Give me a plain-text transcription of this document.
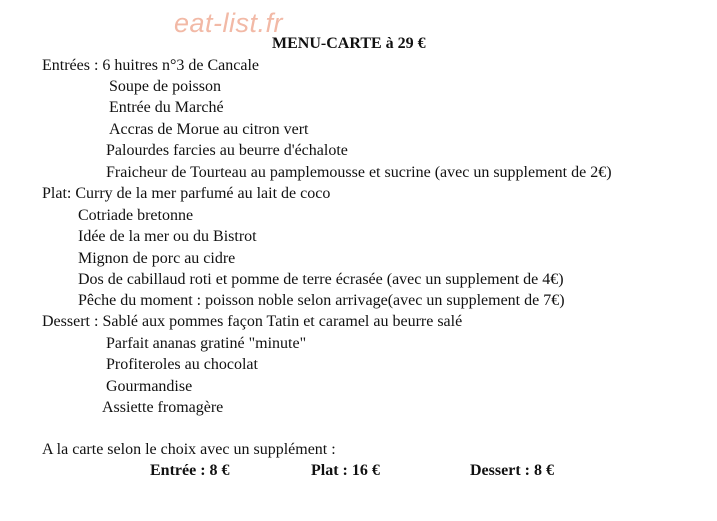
eat-list.fr
MENU-CARTE à 29 €
Entrées : 6 huitres n°3 de Cancale
Soupe de poisson
Entrée du Marché
Accras de Morue au citron vert
Palourdes farcies au beurre d'échalote
Fraicheur de Tourteau au pamplemousse et sucrine (avec un supplement de 2€)
Plat: Curry de la mer parfumé au lait de coco
Cotriade bretonne
Idée de la mer ou du Bistrot
Mignon de porc au cidre
Dos de cabillaud roti et pomme de terre écrasée (avec un supplement de 4€)
Pêche du moment : poisson noble selon arrivage(avec un supplement de 7€)
Dessert : Sablé aux pommes façon Tatin et caramel au beurre salé
Parfait ananas gratiné "minute"
Profiteroles au chocolat
Gourmandise
Assiette fromagère
A la carte selon le choix avec un supplément :
Entrée : 8 €	Plat : 16 €	Dessert : 8 €
